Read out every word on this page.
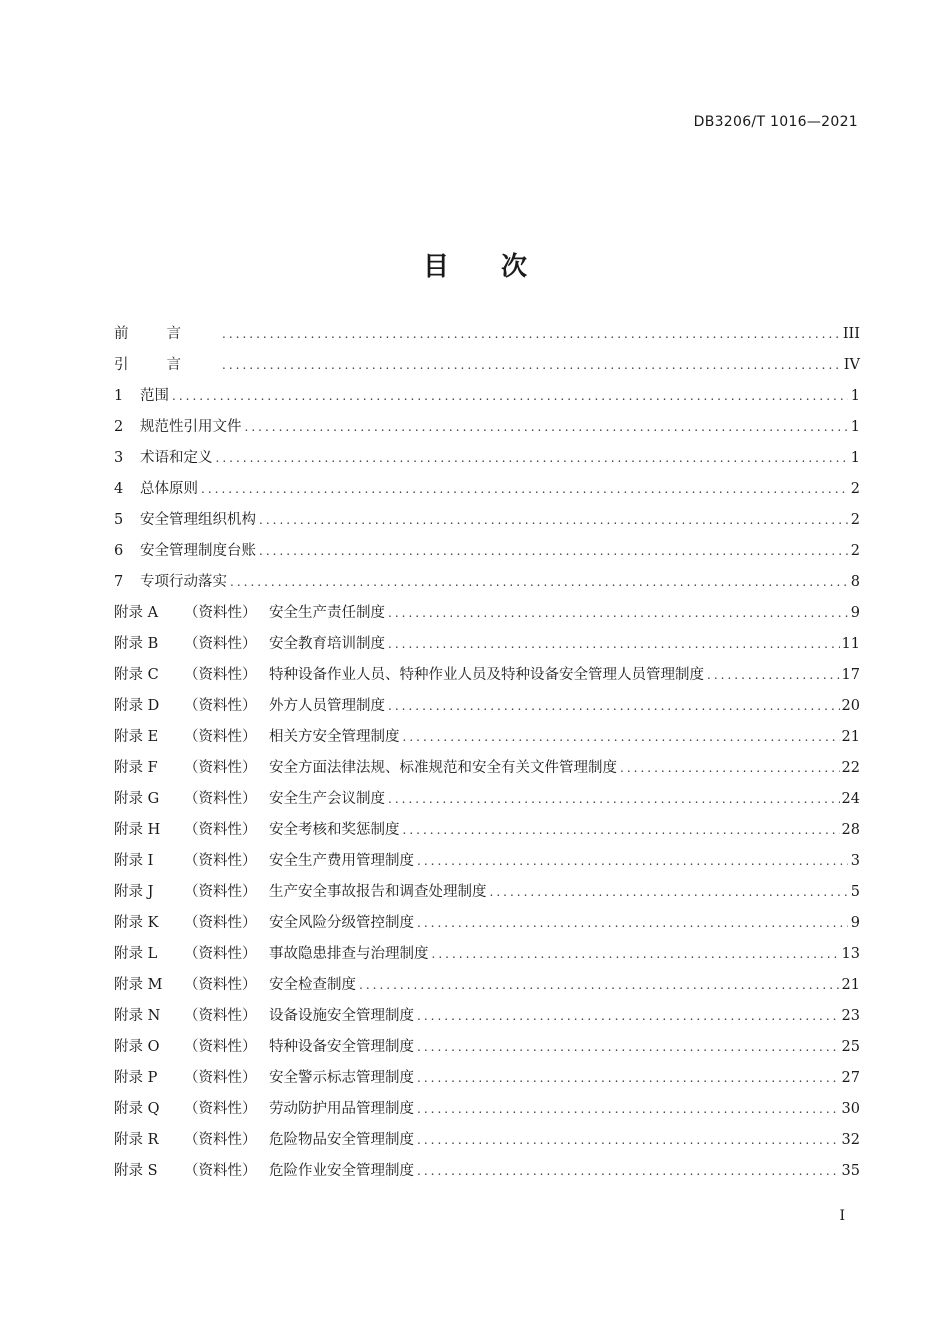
DB3206/T 1016—2021
目次
前言 .....	III
引言 .....	IV
1	范围 .....	1
2	规范性引用文件 .....	1
3	术语和定义 .....	1
4	总体原则 .....	2
5	安全管理组织机构 .....	2
6	安全管理制度台账 .....	2
7	专项行动落实 .....	8
附录 A	（资料性） 安全生产责任制度 .....	9
附录 B	（资料性） 安全教育培训制度 .....	11
附录 C	（资料性） 特种设备作业人员、特种作业人员及特种设备安全管理人员管理制度 .....	17
附录 D	（资料性） 外方人员管理制度 .....	20
附录 E	（资料性） 相关方安全管理制度 .....	21
附录 F	（资料性） 安全方面法律法规、标准规范和安全有关文件管理制度 .....	22
附录 G	（资料性） 安全生产会议制度 .....	24
附录 H	（资料性） 安全考核和奖惩制度 .....	28
附录 I	（资料性） 安全生产费用管理制度 .....	3
附录 J	（资料性） 生产安全事故报告和调查处理制度 .....	5
附录 K	（资料性） 安全风险分级管控制度 .....	9
附录 L	（资料性） 事故隐患排查与治理制度 .....	13
附录 M	（资料性） 安全检查制度 .....	21
附录 N	（资料性） 设备设施安全管理制度 .....	23
附录 O	（资料性） 特种设备安全管理制度 .....	25
附录 P	（资料性） 安全警示标志管理制度 .....	27
附录 Q	（资料性） 劳动防护用品管理制度 .....	30
附录 R	（资料性） 危险物品安全管理制度 .....	32
附录 S	（资料性） 危险作业安全管理制度 .....	35
I
